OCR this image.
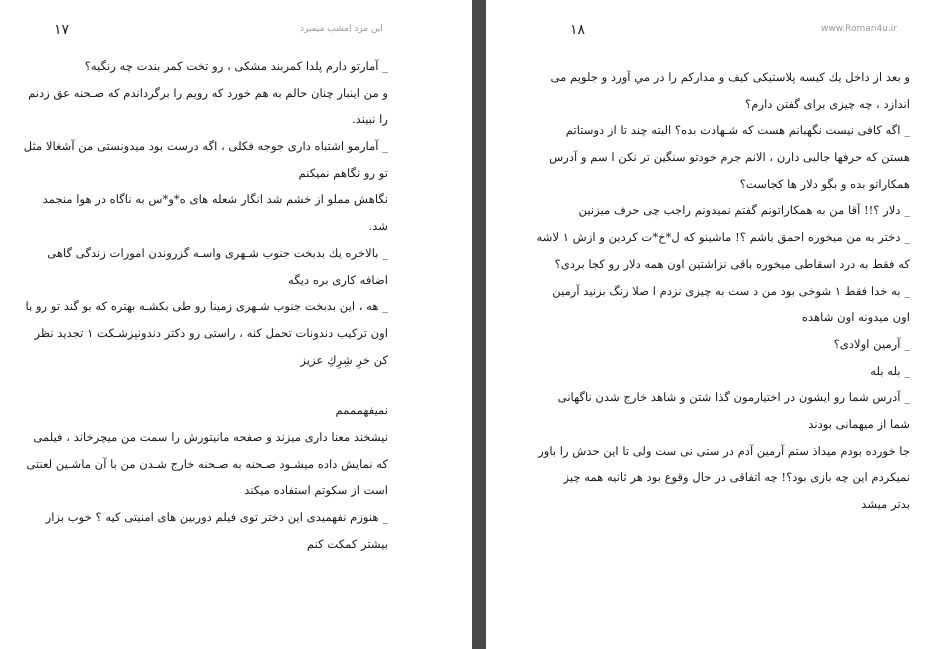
۱۷	این مرد امشب میمیرد
_ آمارتو دارم پلدا کمربند مشکی ، رو تخت کمر بندت چه رنگیه؟
و من اینبار چنان حالم به هم خورد که رویم را برگرداندم که صـحنه عق زدنم
را نبیند.
_ آمارمو اشتباه داری جوجه فکلی ، اگه درست بود میدونستی من آشغالا مثل
تو رو نگاهم نمیکنم
نگاهش مملو از خشم شد انگار شعله های ه*و*س به ناگاه در هوا منجمد
شد.
_ بالاخره یك بدبخت جنوب شـهری واسـه گزروندن امورات زندگی گاهی
اضافه کاری بره دیگه
_ هه ، این بدبخت جنوب شـهری زمینا رو طی بکشـه بهتره که بو گند تو رو با
اون ترکیب دندونات تحمل کنه ، راستی رو دکتر دندونپزشـکت ۱ تجدید نظر
کن خرِ شِرِكِ عزیز
نمیفهمممم
نیشخند معنا داری میزند و صفحه مانیتورش را سمت من میچرخاند ، فیلمی
که نمایش داده میشـود صـحنه به صـحنه خارج شـدن من با آن ماشـین لعنتی
است از سکوتم استفاده میکند
_ هنوزم نفهمیدی این دختر توی فیلم دوربین های امنیتی کیه ؟ خوب بزار
بیشتر کمکت کنم
۱۸	www.Roman4u.ir
و بعد از داخل یك کیسه پلاستیکی کیف و مدارکم را در مي آورد و جلویم می
اندازد ، چه چیزی برای گفتن دارم؟
_ اگه کافی نیست نگهبانم هست که شـهادت بده؟ البته چند تا از دوستاتم
هستن که حرفها جالبی دارن ، الانم جرم خودتو سنگین تر نکن ا سم و آدرس
همکاراتو بده و بگو دلار ها کجاست؟
_ دلار ؟!! آقا من به همکاراتونم گفتم نمیدونم راجب چی حرف میزنین
_ دختر به من میخوره احمق باشم ؟! ماشینو که ل*خ*ت کردین و ازش ۱ لاشه
که فقط به درد اسقاطی میخوره باقی نزاشتین اون همه دلار رو کجا بردی؟
_ به خدا فقط ۱ شوخی بود من د ست به چیزی نزدم ا صلا زنگ بزنید آرمین
اون میدونه اون شاهده
_ آرمین اولادی؟
_ بله بله
_ آدرس شما رو ایشون در اختیارمون گذا شتن و شاهد خارج شدن ناگهانی
شما از میهمانی بودند
جا خورده بودم میداذ ستم آرمین آدم در ستی نی ست ولی تا این حدش را باور
نمیکردم این چه بازی بود؟! چه اتفاقی در حال وقوع بود هر ثانیه همه چیز
بدتر میشد
